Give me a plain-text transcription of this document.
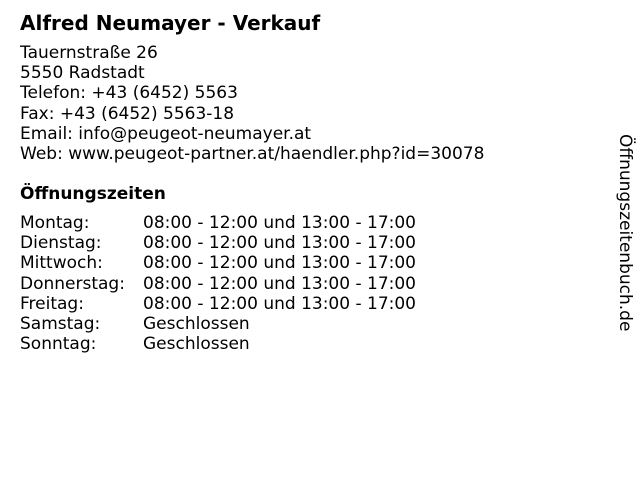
Alfred Neumayer - Verkauf
Tauernstraße 26
5550 Radstadt
Telefon: +43 (6452) 5563
Fax: +43 (6452) 5563-18
Email: info@peugeot-neumayer.at
Web: www.peugeot-partner.at/haendler.php?id=30078
Öffnungszeiten
Montag:	08:00 - 12:00 und 13:00 - 17:00
Dienstag:	08:00 - 12:00 und 13:00 - 17:00
Mittwoch:	08:00 - 12:00 und 13:00 - 17:00
Donnerstag:	08:00 - 12:00 und 13:00 - 17:00
Freitag:	08:00 - 12:00 und 13:00 - 17:00
Samstag:	Geschlossen
Sonntag:	Geschlossen
Öffnungszeitenbuch.de
